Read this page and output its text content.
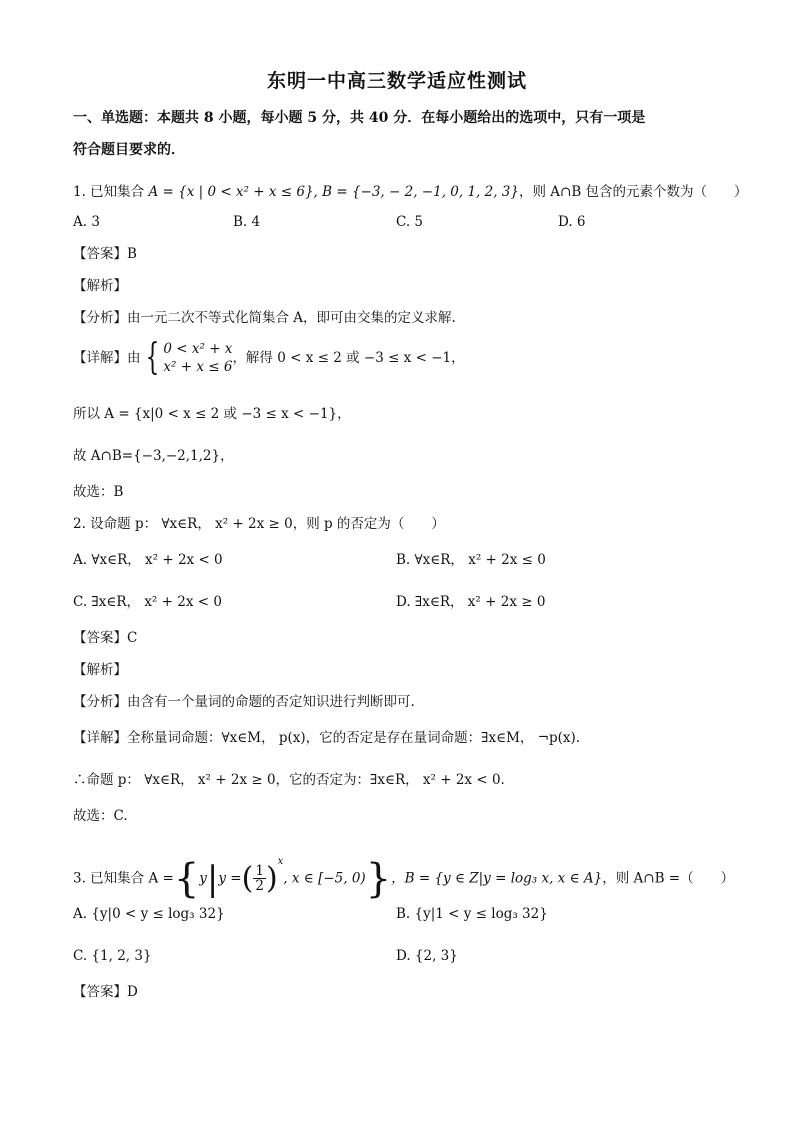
东明一中高三数学适应性测试
一、单选题：本题共 8 小题，每小题 5 分，共 40 分．在每小题给出的选项中，只有一项是
符合题目要求的．
1. 已知集合 A = {x | 0 < x² + x ≤ 6}, B = {−3, − 2, −1, 0, 1, 2, 3}，则 A∩B 包含的元素个数为（　　）
A. 3	B. 4	C. 5	D. 6
【答案】B
【解析】
【分析】由一元二次不等式化简集合 A，即可由交集的定义求解.
【详解】由 { 0 < x² + x
x² + x ≤ 6
，解得 0 < x ≤ 2 或 −3 ≤ x < −1，
所以 A = {x|0 < x ≤ 2 或 −3 ≤ x < −1}，
故 A∩B={−3,−2,1,2}，
故选：B
2. 设命题 p： ∀x∈R， x² + 2x ≥ 0，则 p 的否定为（　　）
A. ∀x∈R， x² + 2x < 0	B. ∀x∈R， x² + 2x ≤ 0
C. ∃x∈R， x² + 2x < 0	D. ∃x∈R， x² + 2x ≥ 0
【答案】C
【解析】
【分析】由含有一个量词的命题的否定知识进行判断即可.
【详解】全称量词命题：∀x∈M， p(x)，它的否定是存在量词命题：∃x∈M， ¬p(x).
∴命题 p： ∀x∈R， x² + 2x ≥ 0，它的否定为：∃x∈R， x² + 2x < 0.
故选：C.
3. 已知集合 A ={y|y =( $\frac{1}{2} )^x$, x ∈ [−5, 0)}，B = {y ∈ Z|y = log₃ x, x ∈ A}，则 A∩B =（　　）
A. {y|0 < y ≤ log₃ 32}	B. {y|1 < y ≤ log₃ 32}
C. {1, 2, 3}	D. {2, 3}
【答案】D
